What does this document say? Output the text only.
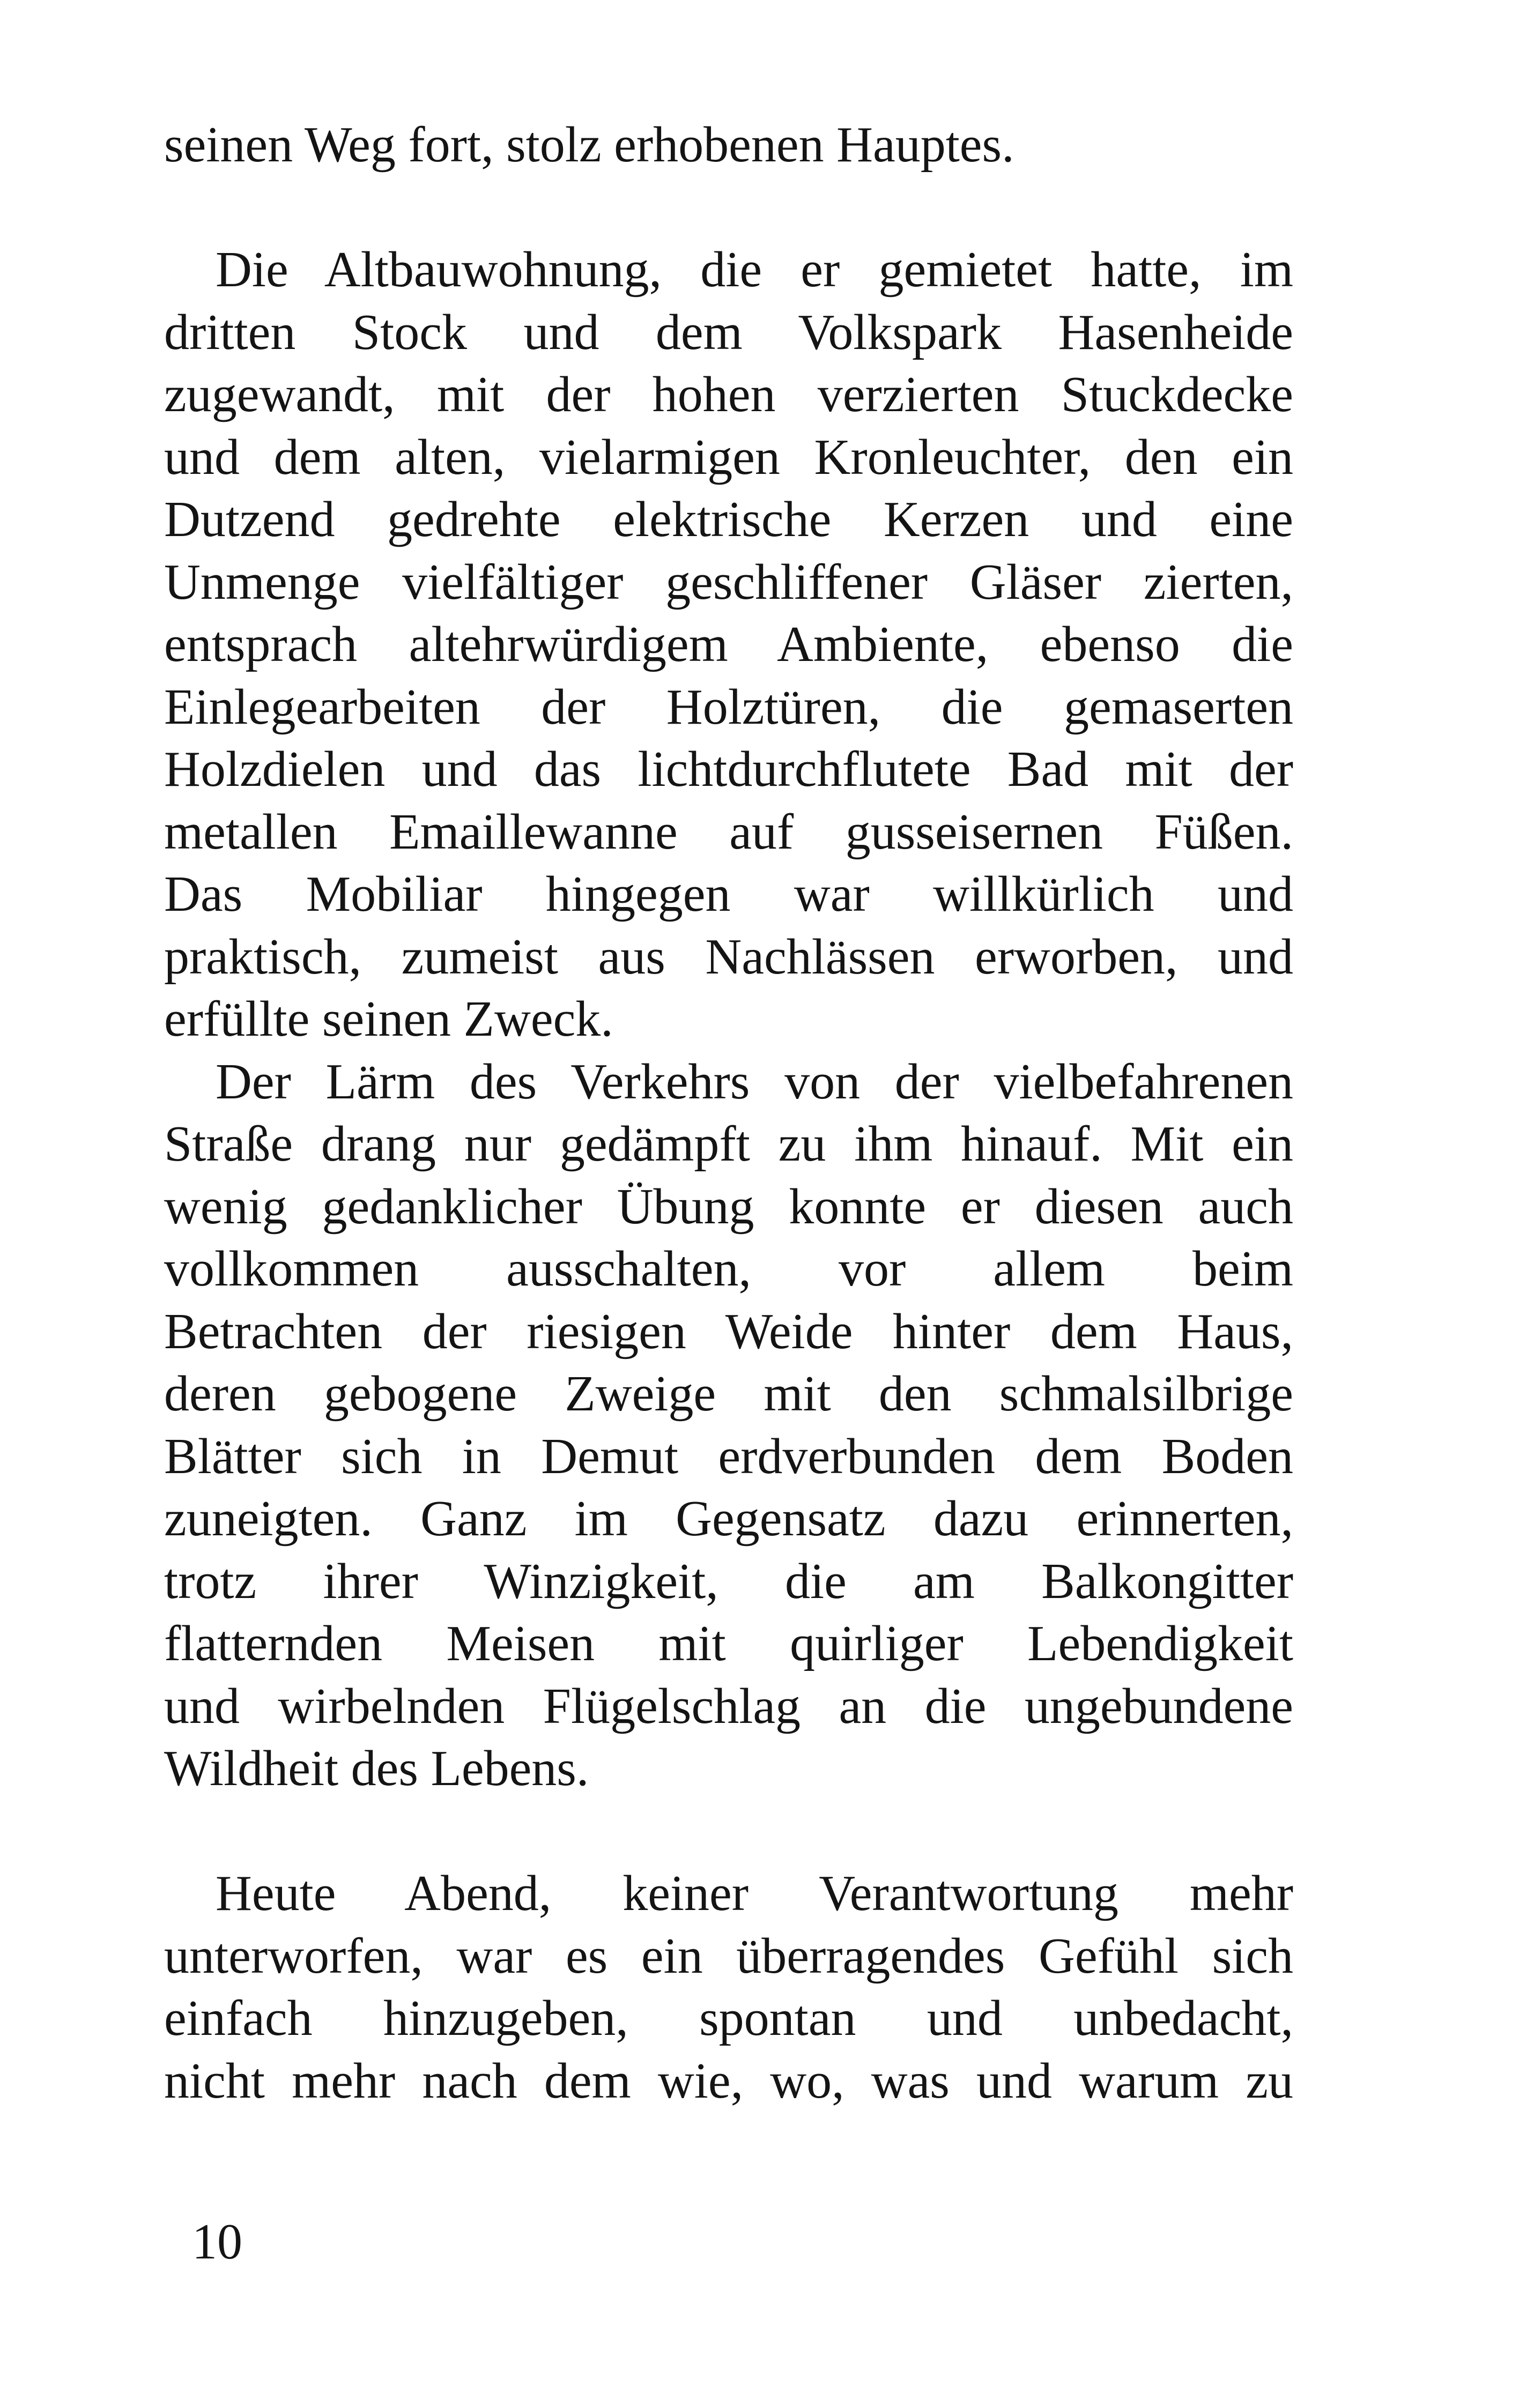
seinen Weg fort, stolz erhobenen Hauptes.
Die Altbauwohnung, die er gemietet hatte, im
dritten Stock und dem Volkspark Hasenheide
zugewandt, mit der hohen verzierten Stuckdecke
und dem alten, vielarmigen Kronleuchter, den ein
Dutzend gedrehte elektrische Kerzen und eine
Unmenge vielfältiger geschliffener Gläser zierten,
entsprach altehrwürdigem Ambiente, ebenso die
Einlegearbeiten der Holztüren, die gemaserten
Holzdielen und das lichtdurchflutete Bad mit der
metallen Emaillewanne auf gusseisernen Füßen.
Das Mobiliar hingegen war willkürlich und
praktisch, zumeist aus Nachlässen erworben, und
erfüllte seinen Zweck.
Der Lärm des Verkehrs von der vielbefahrenen
Straße drang nur gedämpft zu ihm hinauf. Mit ein
wenig gedanklicher Übung konnte er diesen auch
vollkommen ausschalten, vor allem beim
Betrachten der riesigen Weide hinter dem Haus,
deren gebogene Zweige mit den schmalsilbrige
Blätter sich in Demut erdverbunden dem Boden
zuneigten. Ganz im Gegensatz dazu erinnerten,
trotz ihrer Winzigkeit, die am Balkongitter
flatternden Meisen mit quirliger Lebendigkeit
und wirbelnden Flügelschlag an die ungebundene
Wildheit des Lebens.
Heute Abend, keiner Verantwortung mehr
unterworfen, war es ein überragendes Gefühl sich
einfach hinzugeben, spontan und unbedacht,
nicht mehr nach dem wie, wo, was und warum zu
10
